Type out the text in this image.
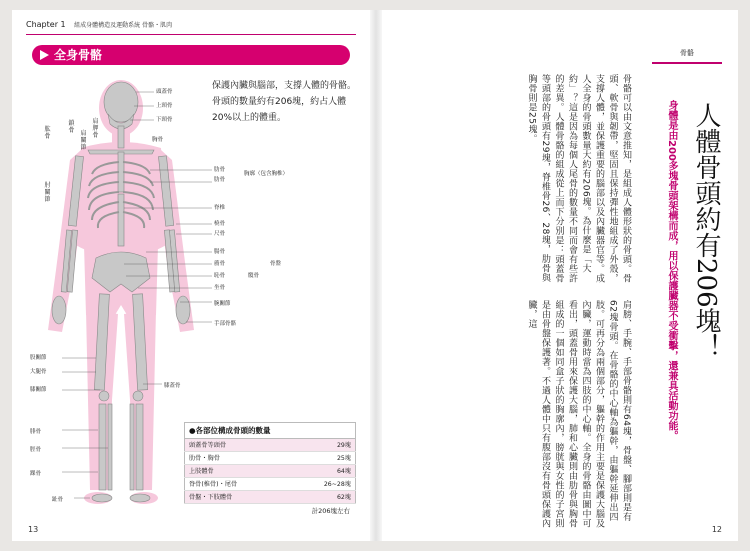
Chapter 1 組成身體構造及運動系統 骨骼・肌肉
全身骨骼
保護內臟與腦部，支撐人體的骨骼。骨頭的數量約有206塊，約占人體20%以上的體重。
頭蓋骨
上頸骨
下頸骨
鎖骨
肩胛骨
肩關節
肱骨
肘關節
胸骨
肋骨
肋骨
胸廓（包含胸椎）
脊椎
橈骨
尺骨
腸骨
薦骨
恥骨
坐骨
髖骨
骨盤
腕關節
手部骨骼
股關節
大腿骨
膝關節
膝蓋骨
腓骨
脛骨
踝骨
趾骨
●各部位構成骨頭的數量
頭蓋骨等頭骨	29塊
肋骨・胸骨	25塊
上肢體骨	64塊
脊骨(椎骨)・尾骨	26~28塊
骨盤・下肢體骨	62塊
計206塊左右
13
骨骼
人體骨頭約有206塊！
身體是由200多塊骨頭架構而成，用以保護臟器不受衝擊，還兼具活動功能。
骨骼可以由文意推知，是組成人體形狀的骨頭。骨頭、軟骨與韌帶，堅固且保持彈性地組成了外殼，支撐人體，並保護重要的腦部以及內臟器官等。成人全身的骨頭數量大約有206塊。為什麼是「大約」？這是因為每個人尾骨的數量不同而會有些許的差異。人體骨骼的組成從上而下分別是：頭蓋骨等頭部的骨頭有29塊，脊椎骨26、28塊，肋骨與胸骨則是25塊。
肩膀、手腕、手部骨骼則有64塊，骨盤、腳部則是有62塊骨頭。在骨骼的中心軸為軀幹，由軀幹延伸出四肢。可再分為兩個部分，軀幹的作用主要是保護大腦及內臟，運動時當為四肢的中心軸。全身的骨骼由圖中可看出，頭蓋骨用來保護大腦，肺和心臟則由肋骨與胸骨組成的一個如同盒子狀的胸廓內，膀胱與女性的子宮則是由骨盤保護著。不過人體中只有腹部沒有骨頭保護內臟，這
12
